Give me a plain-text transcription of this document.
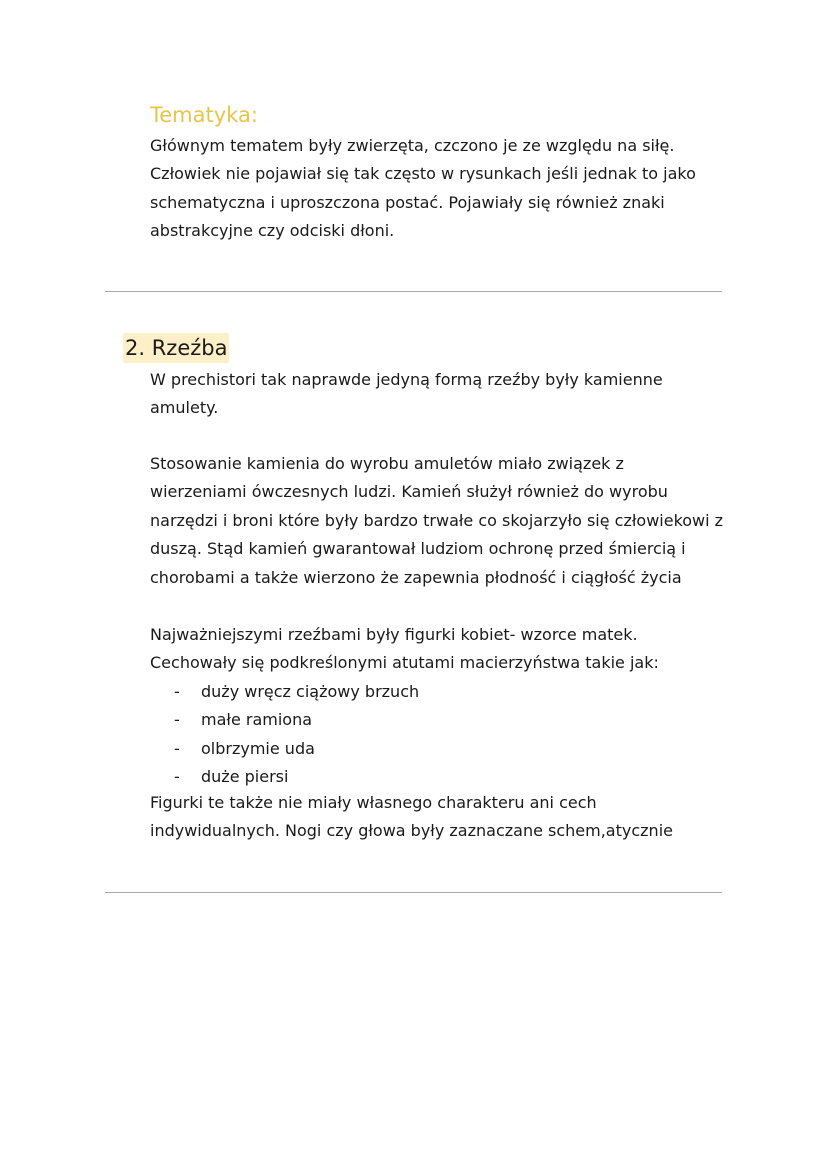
Tematyka:
Głównym tematem były zwierzęta, czczono je ze względu na siłę.
Człowiek nie pojawiał się tak często w rysunkach jeśli jednak to jako
schematyczna i uproszczona postać. Pojawiały się również znaki
abstrakcyjne czy odciski dłoni.
2. Rzeźba
W prechistori tak naprawde jedyną formą rzeźby były kamienne
amulety.
Stosowanie kamienia do wyrobu amuletów miało związek z
wierzeniami ówczesnych ludzi. Kamień służył również do wyrobu
narzędzi i broni które były bardzo trwałe co skojarzyło się człowiekowi z
duszą. Stąd kamień gwarantował ludziom ochronę przed śmiercią i
chorobami a także wierzono że zapewnia płodność i ciągłość życia
Najważniejszymi rzeźbami były figurki kobiet- wzorce matek.
Cechowały się podkreślonymi atutami macierzyństwa takie jak:
- duży wręcz ciążowy brzuch
- małe ramiona
- olbrzymie uda
- duże piersi
Figurki te także nie miały własnego charakteru ani cech
indywidualnych. Nogi czy głowa były zaznaczane schem,atycznie
